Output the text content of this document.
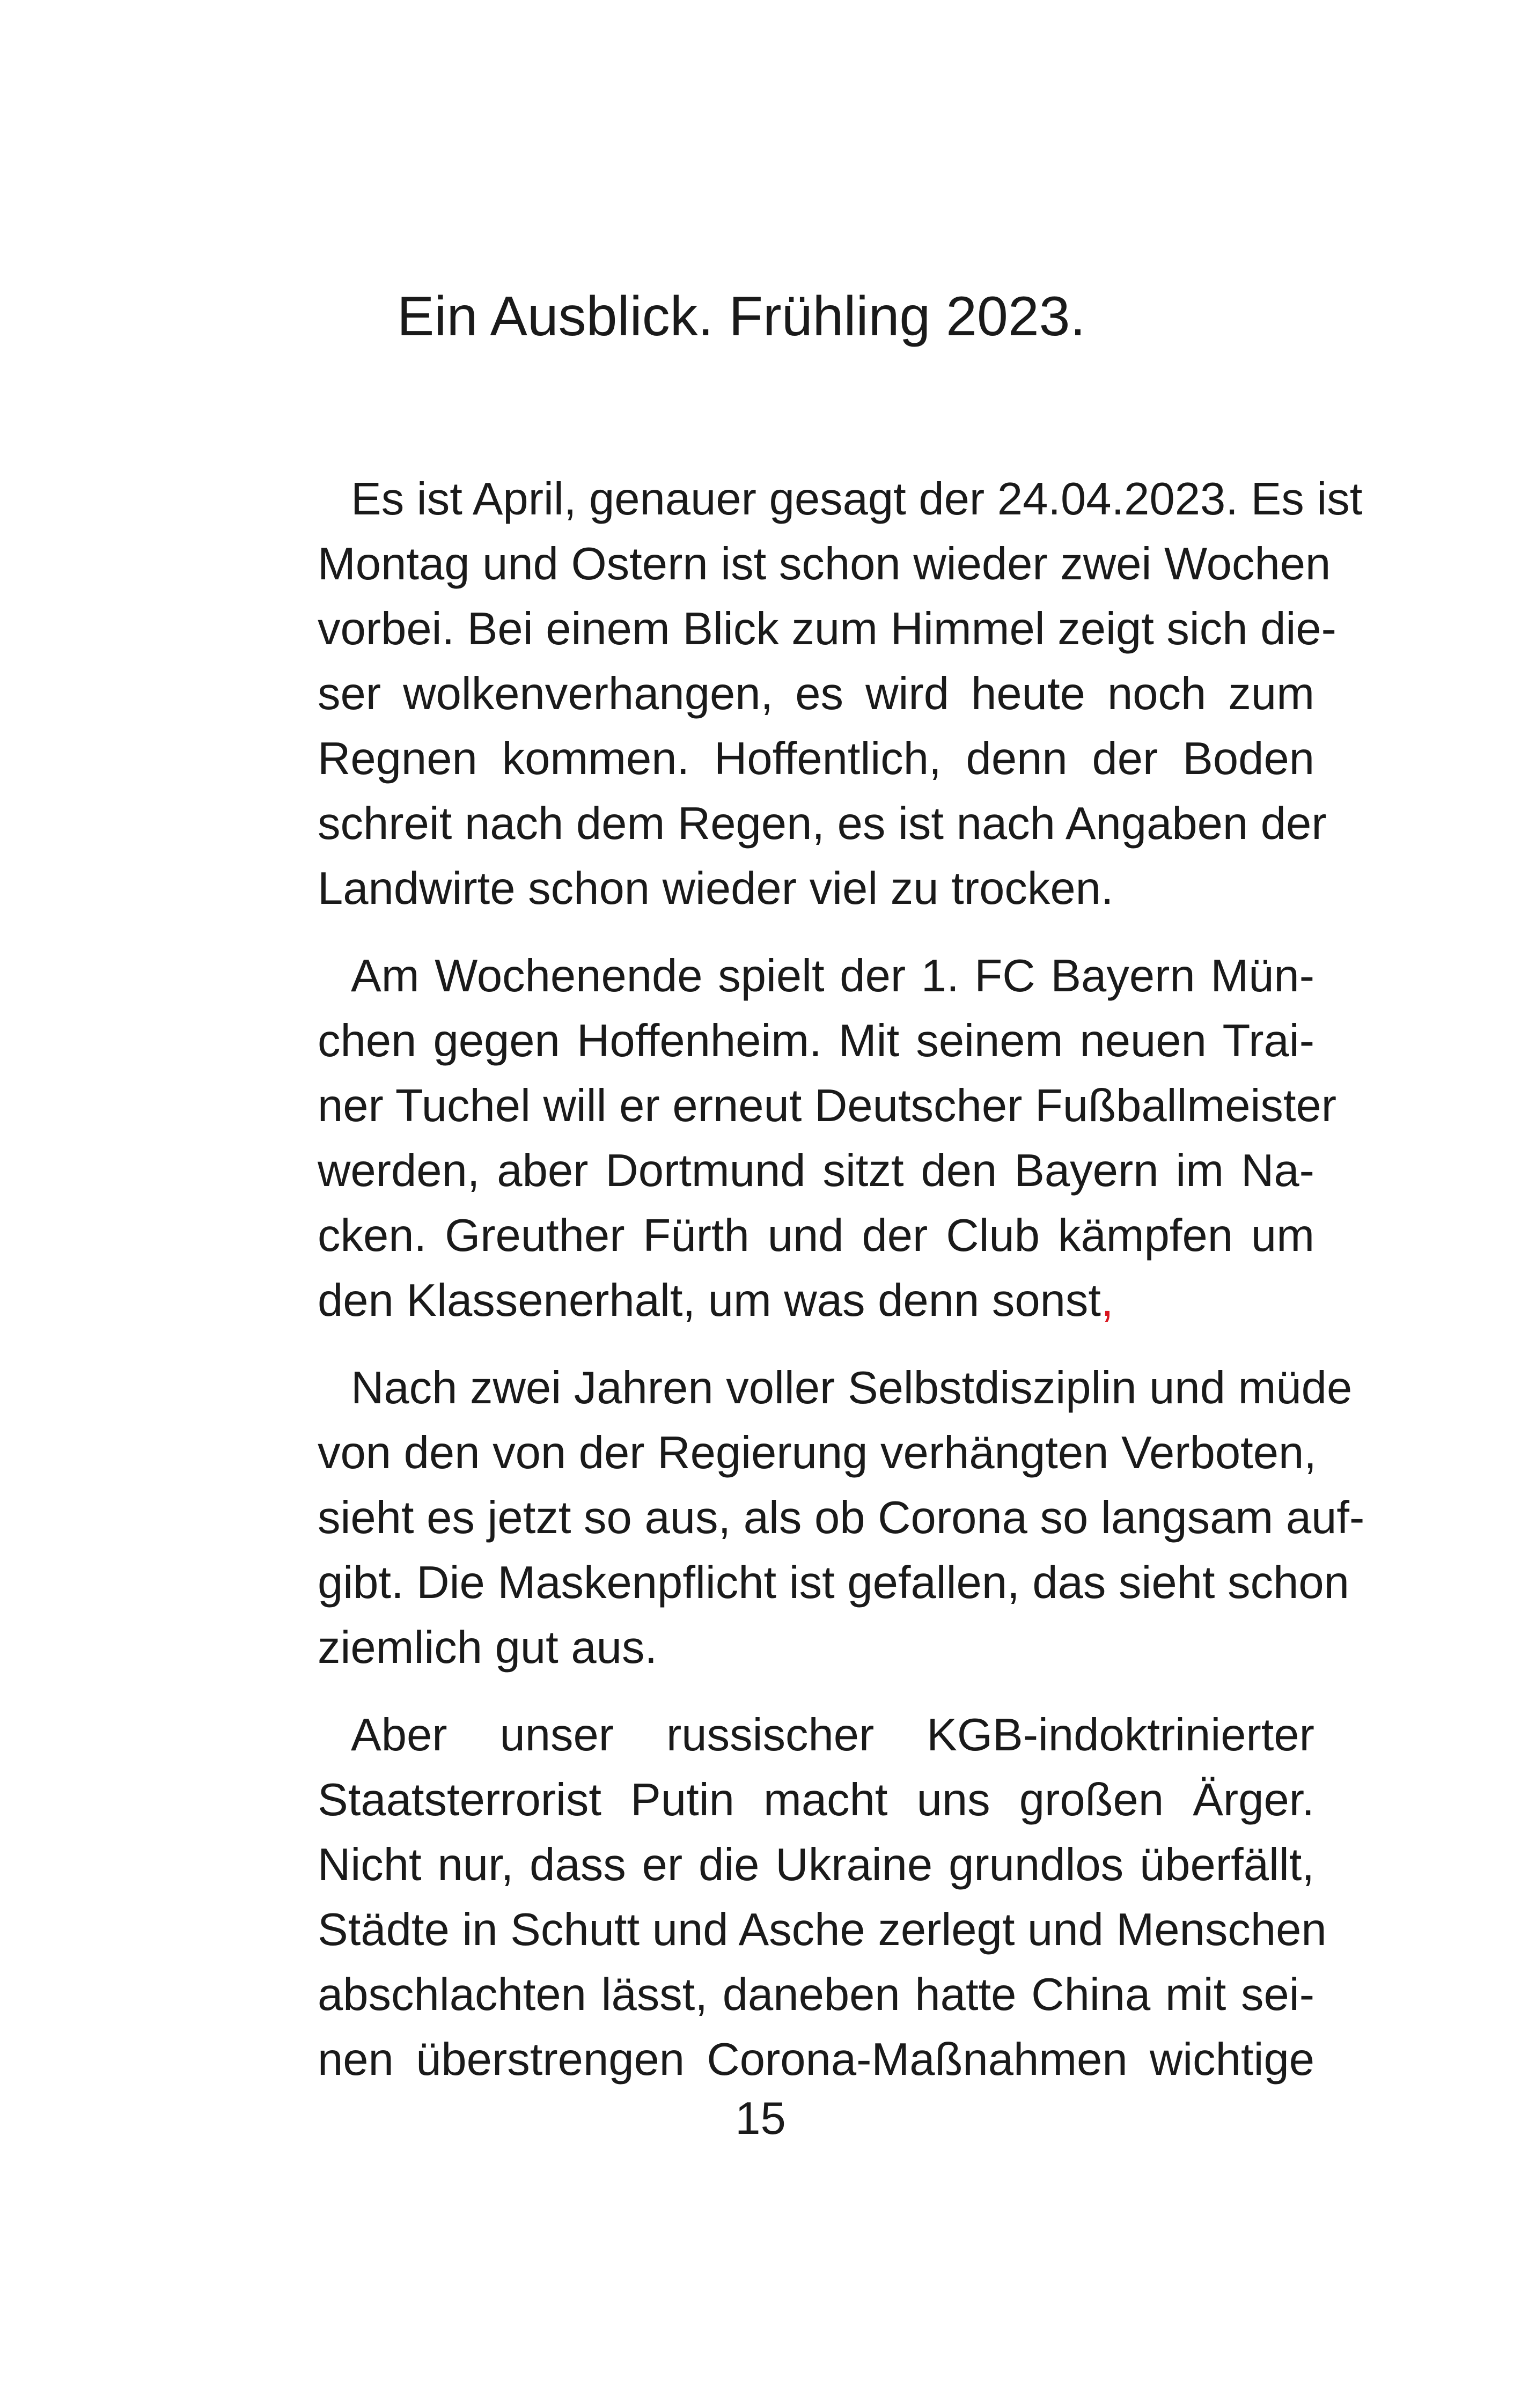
Ein Ausblick. Frühling 2023.

Es ist April, genauer gesagt der 24.04.2023. Es ist
Montag und Ostern ist schon wieder zwei Wochen
vorbei. Bei einem Blick zum Himmel zeigt sich die-
ser wolkenverhangen, es wird heute noch zum
Regnen kommen. Hoffentlich, denn der Boden
schreit nach dem Regen, es ist nach Angaben der
Landwirte schon wieder viel zu trocken.

Am Wochenende spielt der 1. FC Bayern Mün-
chen gegen Hoffenheim. Mit seinem neuen Trai-
ner Tuchel will er erneut Deutscher Fußballmeister
werden, aber Dortmund sitzt den Bayern im Na-
cken. Greuther Fürth und der Club kämpfen um
den Klassenerhalt, um was denn sonst,

Nach zwei Jahren voller Selbstdisziplin und müde
von den von der Regierung verhängten Verboten,
sieht es jetzt so aus, als ob Corona so langsam auf-
gibt. Die Maskenpflicht ist gefallen, das sieht schon
ziemlich gut aus.

Aber unser russischer KGB-indoktrinierter
Staatsterrorist Putin macht uns großen Ärger.
Nicht nur, dass er die Ukraine grundlos überfällt,
Städte in Schutt und Asche zerlegt und Menschen
abschlachten lässt, daneben hatte China mit sei-
nen überstrengen Corona-Maßnahmen wichtige

15
